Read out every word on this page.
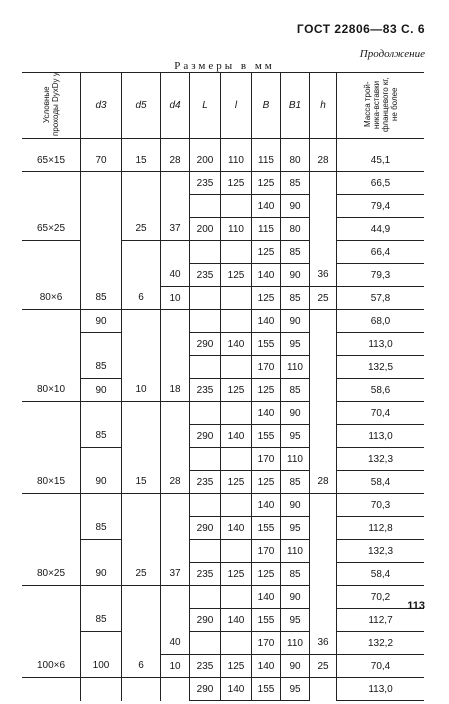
ГОСТ 22806—83 С. 6
Продолжение
Размеры в мм
Условные проходы DyxDy y	d3	d5	d4	L	l	B	B1	h	Масса трой-ника-вставки фланцевого кг, не более

65×15	70	15	28	200	110	115	80	28	45,1
				235	125	125	85		66,5
						140	90		79,4
65×25		25	37	200	110	115	80		44,9
						125	85		66,4
			40	235	125	140	90	36	79,3
80×6	85	6	10			125	85	25	57,8
	90					140	90		68,0
				290	140	155	95		113,0
	85					170	110		132,5
80×10	90	10	18	235	125	125	85		58,6
						140	90		70,4
	85			290	140	155	95		113,0
						170	110		132,3
80×15	90	15	28	235	125	125	85	28	58,4
						140	90		70,3
	85			290	140	155	95		112,8
						170	110		132,3
80×25	90	25	37	235	125	125	85		58,4
						140	90		70,2
	85			290	140	155	95		112,7
			40			170	110	36	132,2
100×6	100	6	10	235	125	140	90	25	70,4
				290	140	155	95		113,0
113
